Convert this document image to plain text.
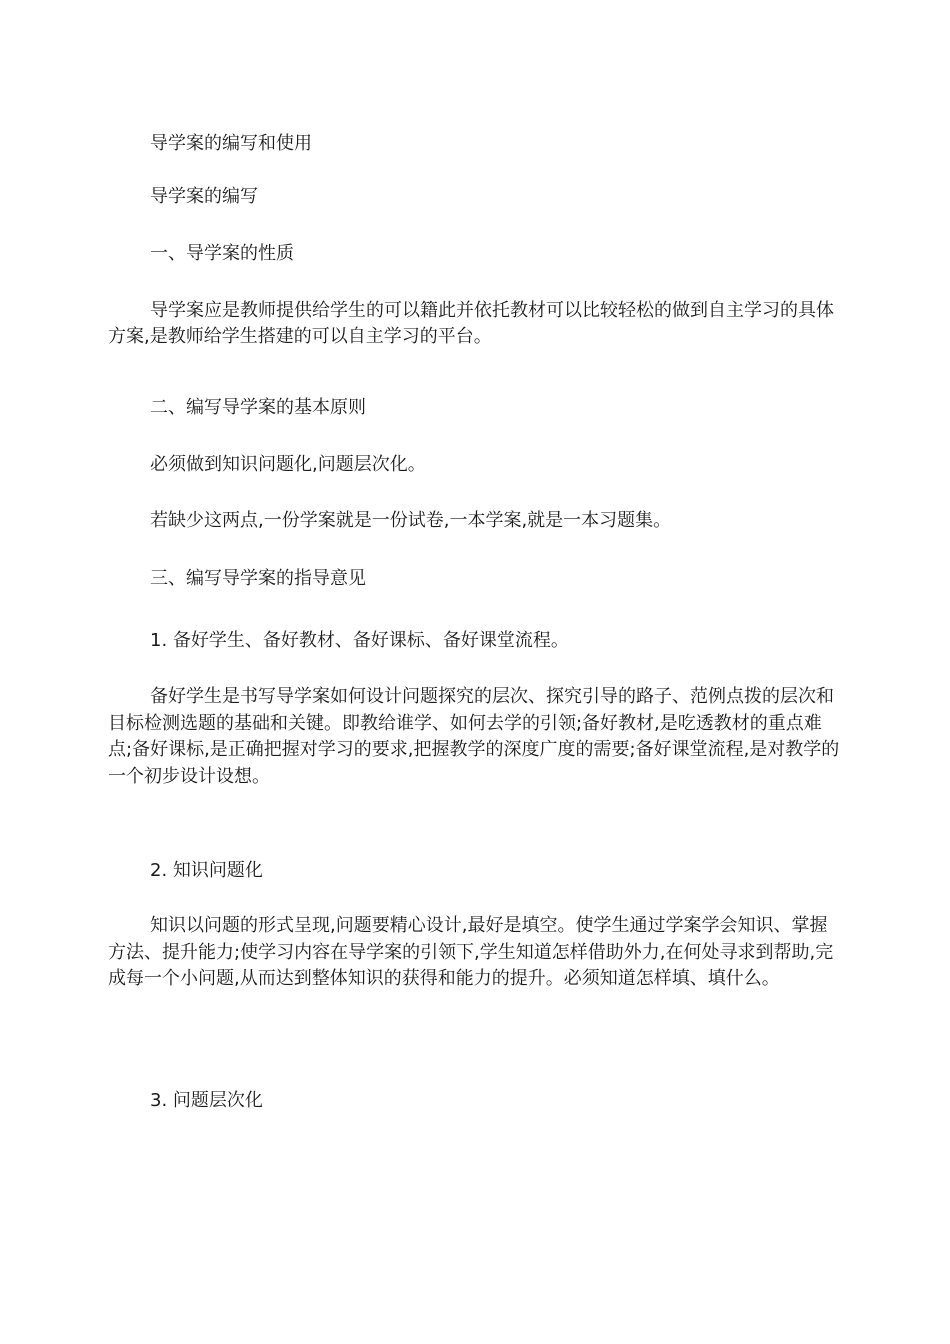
导学案的编写和使用

导学案的编写

一、导学案的性质

导学案应是教师提供给学生的可以籍此并依托教材可以比较轻松的做到自主学习的具体方案,是教师给学生搭建的可以自主学习的平台。

二、编写导学案的基本原则

必须做到知识问题化,问题层次化。

若缺少这两点,一份学案就是一份试卷,一本学案,就是一本习题集。

三、编写导学案的指导意见

1. 备好学生、备好教材、备好课标、备好课堂流程。

备好学生是书写导学案如何设计问题探究的层次、探究引导的路子、范例点拨的层次和目标检测选题的基础和关键。即教给谁学、如何去学的引领;备好教材,是吃透教材的重点难点;备好课标,是正确把握对学习的要求,把握教学的深度广度的需要;备好课堂流程,是对教学的一个初步设计设想。

2. 知识问题化

知识以问题的形式呈现,问题要精心设计,最好是填空。使学生通过学案学会知识、掌握方法、提升能力;使学习内容在导学案的引领下,学生知道怎样借助外力,在何处寻求到帮助,完成每一个小问题,从而达到整体知识的获得和能力的提升。必须知道怎样填、填什么。

3. 问题层次化
